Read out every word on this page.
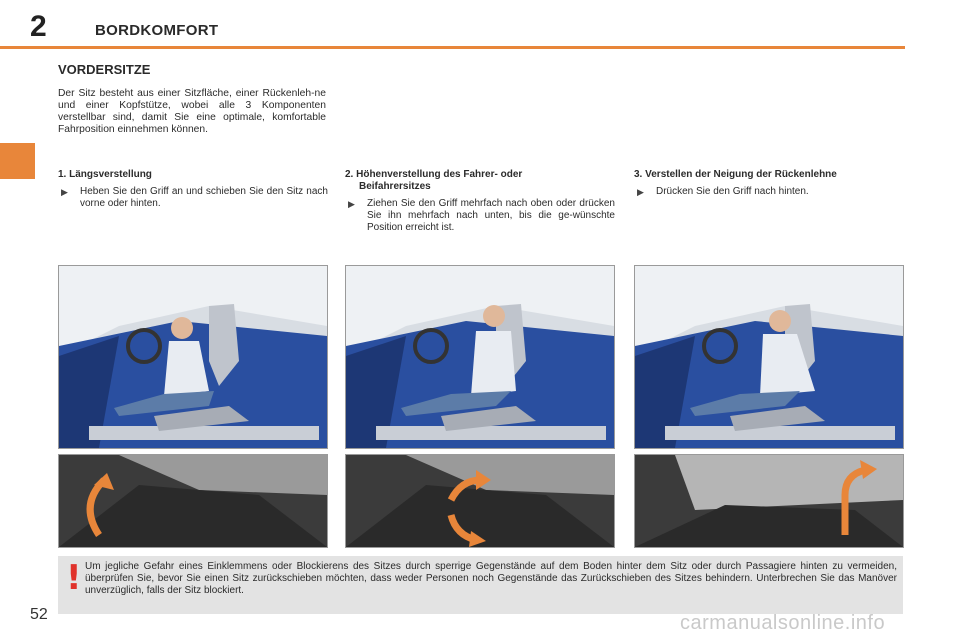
2	BORDKOMFORT
VORDERSITZE
Der Sitz besteht aus einer Sitzfläche, einer Rückenleh-ne und einer Kopfstütze, wobei alle 3 Komponenten verstellbar sind, damit Sie eine optimale, komfortable Fahrposition einnehmen können.
1. Längsverstellung
▶ Heben Sie den Griff an und schieben Sie den Sitz nach vorne oder hinten.
2. Höhenverstellung des Fahrer- oder
Beifahrersitzes
▶ Ziehen Sie den Griff mehrfach nach oben oder drücken Sie ihn mehrfach nach unten, bis die ge-wünschte Position erreicht ist.
3. Verstellen der Neigung der Rückenlehne
▶ Drücken Sie den Griff nach hinten.
! Um jegliche Gefahr eines Einklemmens oder Blockierens des Sitzes durch sperrige Gegenstände auf dem Boden hinter dem Sitz oder durch Passagiere hinten zu vermeiden, überprüfen Sie, bevor Sie einen Sitz zurückschieben möchten, dass weder Personen noch Gegenstände das Zurückschieben des Sitzes behindern. Unterbrechen Sie das Manöver unverzüglich, falls der Sitz blockiert.
52	carmanualsonline.info
